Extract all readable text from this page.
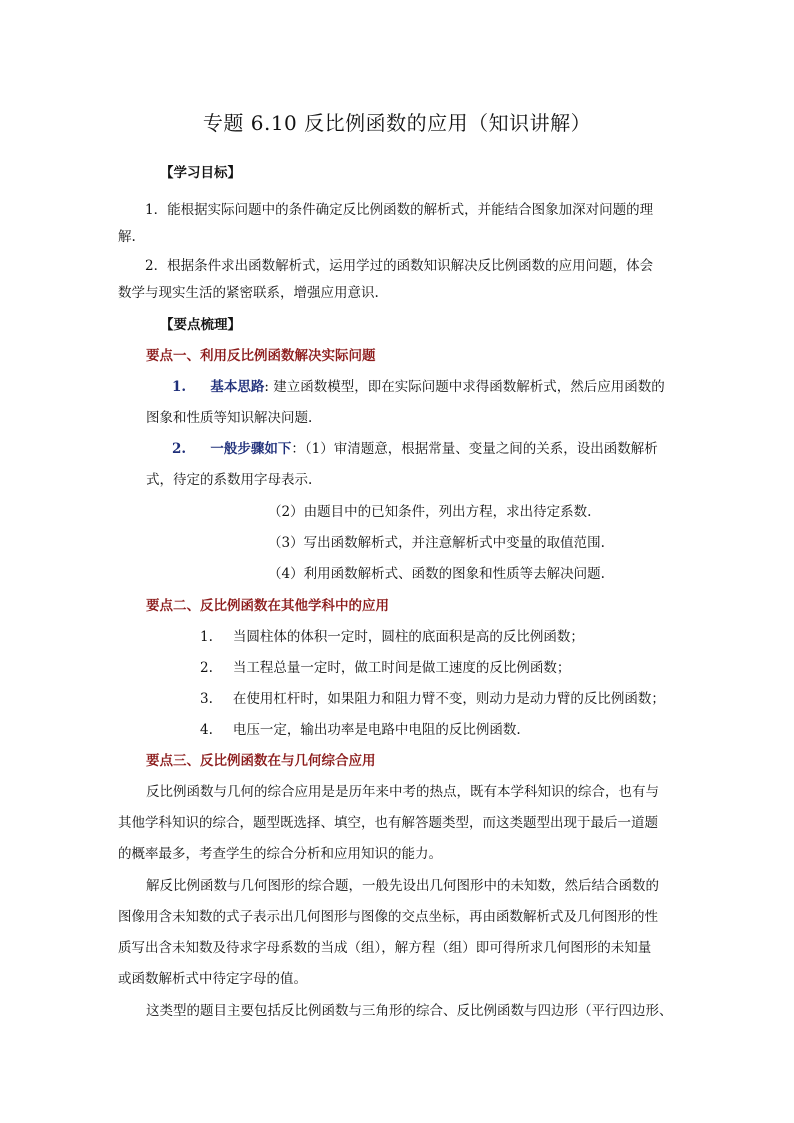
专题 6.10 反比例函数的应用（知识讲解）
【学习目标】
1．能根据实际问题中的条件确定反比例函数的解析式，并能结合图象加深对问题的理
解.
2．根据条件求出函数解析式，运用学过的函数知识解决反比例函数的应用问题，体会
数学与现实生活的紧密联系，增强应用意识.
【要点梳理】
要点一、利用反比例函数解决实际问题
1. 基本思路: 建立函数模型，即在实际问题中求得函数解析式，然后应用函数的
图象和性质等知识解决问题.
2. 一般步骤如下：（1）审清题意，根据常量、变量之间的关系，设出函数解析
式，待定的系数用字母表示.
（2）由题目中的已知条件，列出方程，求出待定系数.
（3）写出函数解析式，并注意解析式中变量的取值范围.
（4）利用函数解析式、函数的图象和性质等去解决问题.
要点二、反比例函数在其他学科中的应用
1. 当圆柱体的体积一定时，圆柱的底面积是高的反比例函数；
2. 当工程总量一定时，做工时间是做工速度的反比例函数；
3. 在使用杠杆时，如果阻力和阻力臂不变，则动力是动力臂的反比例函数；
4. 电压一定，输出功率是电路中电阻的反比例函数.
要点三、反比例函数在与几何综合应用
反比例函数与几何的综合应用是是历年来中考的热点，既有本学科知识的综合，也有与
其他学科知识的综合，题型既选择、填空，也有解答题类型，而这类题型出现于最后一道题
的概率最多，考查学生的综合分析和应用知识的能力。
解反比例函数与几何图形的综合题，一般先设出几何图形中的未知数，然后结合函数的
图像用含未知数的式子表示出几何图形与图像的交点坐标，再由函数解析式及几何图形的性
质写出含未知数及待求字母系数的当成（组），解方程（组）即可得所求几何图形的未知量
或函数解析式中待定字母的值。
这类型的题目主要包括反比例函数与三角形的综合、反比例函数与四边形（平行四边形、
